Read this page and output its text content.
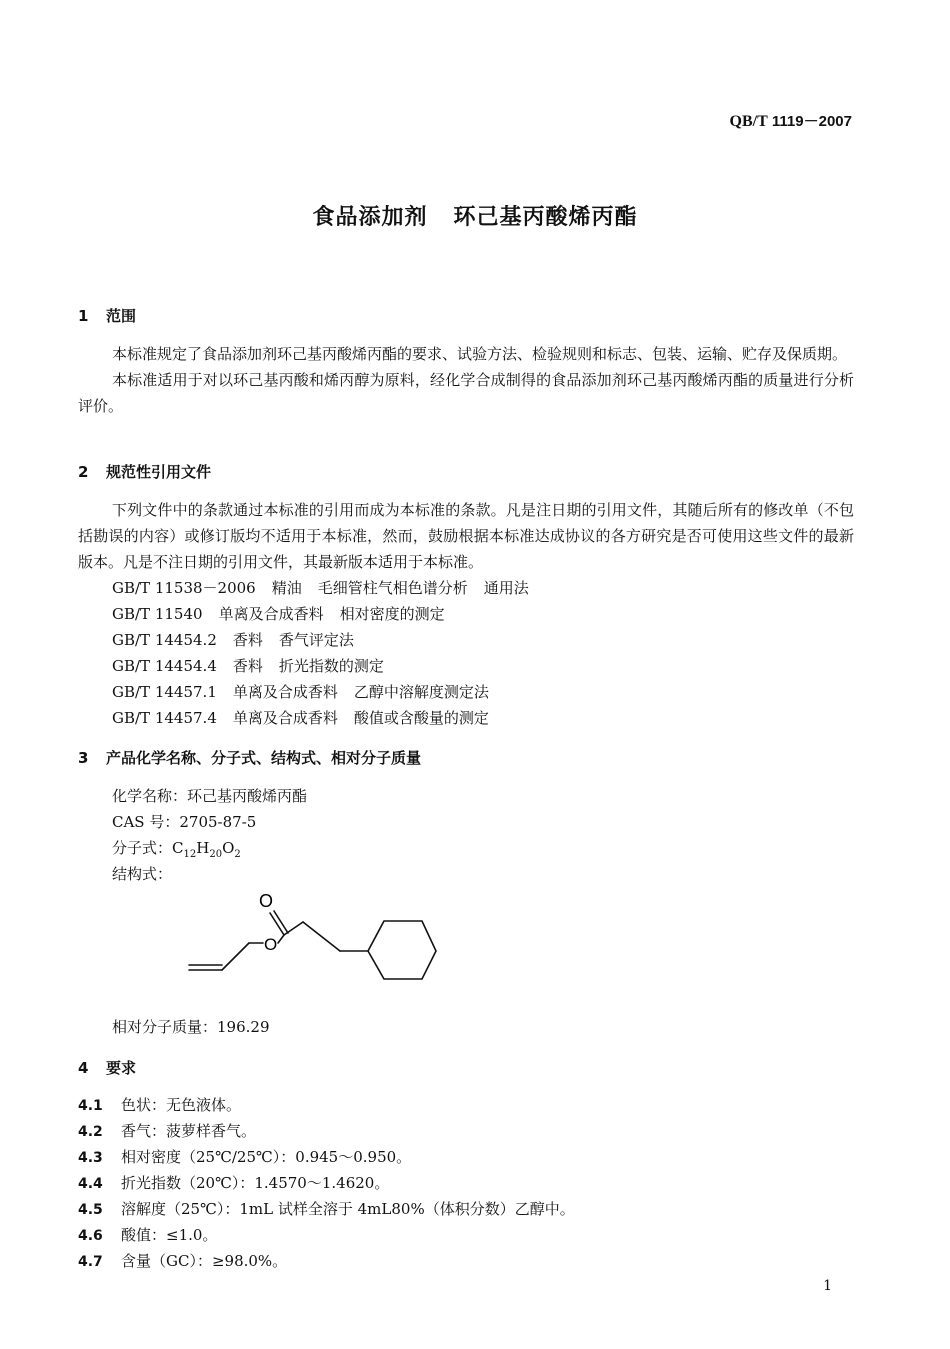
QB/T 1119－2007
食品添加剂 环己基丙酸烯丙酯
1 范围

本标准规定了食品添加剂环己基丙酸烯丙酯的要求、试验方法、检验规则和标志、包装、运输、贮存及保质期。

本标准适用于对以环己基丙酸和烯丙醇为原料，经化学合成制得的食品添加剂环己基丙酸烯丙酯的质量进行分析评价。

2 规范性引用文件

下列文件中的条款通过本标准的引用而成为本标准的条款。凡是注日期的引用文件，其随后所有的修改单（不包括勘误的内容）或修订版均不适用于本标准，然而，鼓励根据本标准达成协议的各方研究是否可使用这些文件的最新版本。凡是不注日期的引用文件，其最新版本适用于本标准。

GB/T 11538－2006 精油 毛细管柱气相色谱分析 通用法
GB/T 11540 单离及合成香料 相对密度的测定
GB/T 14454.2 香料 香气评定法
GB/T 14454.4 香料 折光指数的测定
GB/T 14457.1 单离及合成香料 乙醇中溶解度测定法
GB/T 14457.4 单离及合成香料 酸值或含酸量的测定
3 产品化学名称、分子式、结构式、相对分子质量
化学名称：环己基丙酸烯丙酯
CAS 号：2705-87-5
分子式：$C_{12}H_{20}O_2$
结构式：
O
O
相对分子质量：196.29
4 要求
4.1 色状：无色液体。
4.2 香气：菠萝样香气。
4.3 相对密度（25℃/25℃）：0.945～0.950。
4.4 折光指数（20℃）：1.4570～1.4620。
4.5 溶解度（25℃）：1mL 试样全溶于 4mL80%（体积分数）乙醇中。
4.6 酸值：≤1.0。
4.7 含量（GC）：≥98.0%。
1
